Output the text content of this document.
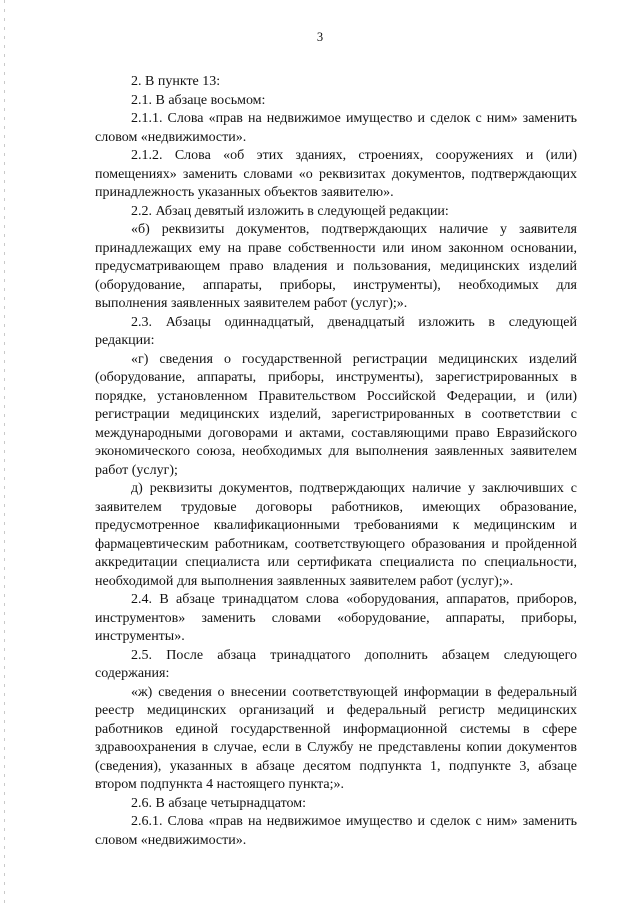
3

2. В пункте 13:

2.1. В абзаце восьмом:

2.1.1. Слова «прав на недвижимое имущество и сделок с ним» заменить словом «недвижимости».

2.1.2. Слова «об этих зданиях, строениях, сооружениях и (или) помещениях» заменить словами «о реквизитах документов, подтверждающих принадлежность указанных объектов заявителю».

2.2. Абзац девятый изложить в следующей редакции:

«б) реквизиты документов, подтверждающих наличие у заявителя принадлежащих ему на праве собственности или ином законном основании, предусматривающем право владения и пользования, медицинских изделий (оборудование, аппараты, приборы, инструменты), необходимых для выполнения заявленных заявителем работ (услуг);».

2.3. Абзацы одиннадцатый, двенадцатый изложить в следующей редакции:

«г) сведения о государственной регистрации медицинских изделий (оборудование, аппараты, приборы, инструменты), зарегистрированных в порядке, установленном Правительством Российской Федерации, и (или) регистрации медицинских изделий, зарегистрированных в соответствии с международными договорами и актами, составляющими право Евразийского экономического союза, необходимых для выполнения заявленных заявителем работ (услуг);

д) реквизиты документов, подтверждающих наличие у заключивших с заявителем трудовые договоры работников, имеющих образование, предусмотренное квалификационными требованиями к медицинским и фармацевтическим работникам, соответствующего образования и пройденной аккредитации специалиста или сертификата специалиста по специальности, необходимой для выполнения заявленных заявителем работ (услуг);».

2.4. В абзаце тринадцатом слова «оборудования, аппаратов, приборов, инструментов» заменить словами «оборудование, аппараты, приборы, инструменты».

2.5. После абзаца тринадцатого дополнить абзацем следующего содержания:

«ж) сведения о внесении соответствующей информации в федеральный реестр медицинских организаций и федеральный регистр медицинских работников единой государственной информационной системы в сфере здравоохранения в случае, если в Службу не представлены копии документов (сведения), указанных в абзаце десятом подпункта 1, подпункте 3, абзаце втором подпункта 4 настоящего пункта;».

2.6. В абзаце четырнадцатом:

2.6.1. Слова «прав на недвижимое имущество и сделок с ним» заменить словом «недвижимости».
